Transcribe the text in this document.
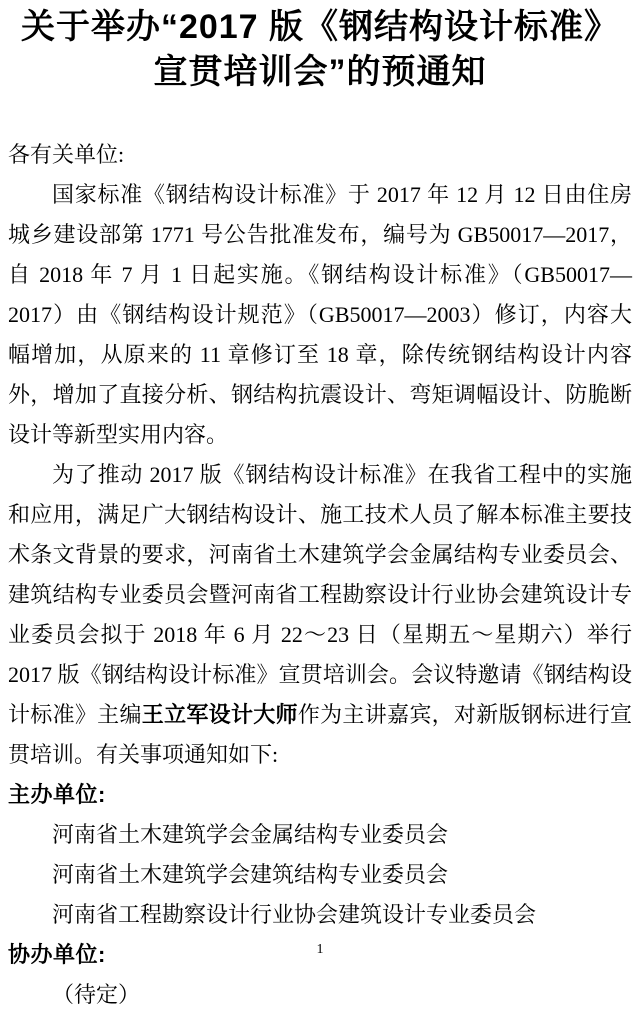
关于举办“2017 版《钢结构设计标准》
宣贯培训会”的预通知

各有关单位:

国家标准《钢结构设计标准》于 2017 年 12 月 12 日由住房城乡建设部第 1771 号公告批准发布，编号为 GB50017—2017，自 2018 年 7 月 1 日起实施。《钢结构设计标准》（GB50017—2017）由《钢结构设计规范》（GB50017—2003）修订，内容大幅增加，从原来的 11 章修订至 18 章，除传统钢结构设计内容外，增加了直接分析、钢结构抗震设计、弯矩调幅设计、防脆断设计等新型实用内容。

为了推动 2017 版《钢结构设计标准》在我省工程中的实施和应用，满足广大钢结构设计、施工技术人员了解本标准主要技术条文背景的要求，河南省土木建筑学会金属结构专业委员会、建筑结构专业委员会暨河南省工程勘察设计行业协会建筑设计专业委员会拟于 2018 年 6 月 22～23 日（星期五～星期六）举行 2017 版《钢结构设计标准》宣贯培训会。会议特邀请《钢结构设计标准》主编王立军设计大师作为主讲嘉宾，对新版钢标进行宣贯培训。有关事项通知如下:

主办单位:

河南省土木建筑学会金属结构专业委员会

河南省土木建筑学会建筑结构专业委员会

河南省工程勘察设计行业协会建筑设计专业委员会

协办单位:

（待定）

1
